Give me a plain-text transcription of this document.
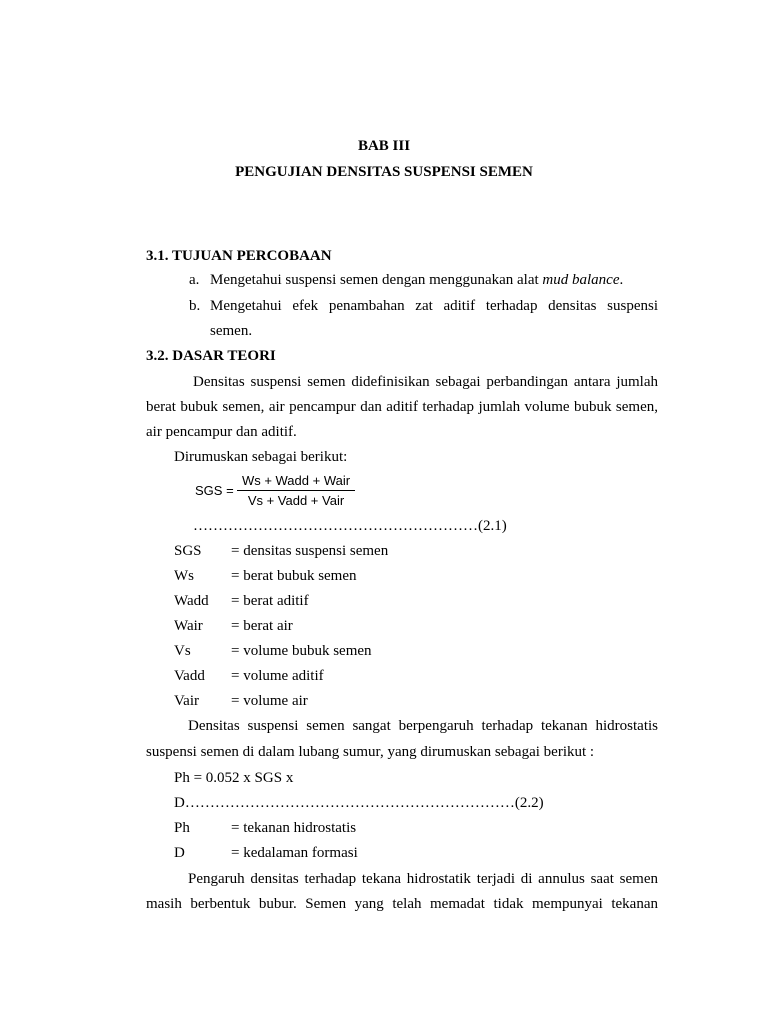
BAB III
PENGUJIAN DENSITAS SUSPENSI SEMEN
3.1. TUJUAN PERCOBAAN
a. Mengetahui suspensi semen dengan menggunakan alat mud balance.
b. Mengetahui efek penambahan zat aditif terhadap densitas suspensi
semen.
3.2. DASAR TEORI
Densitas suspensi semen didefinisikan sebagai perbandingan antara jumlah
berat bubuk semen, air pencampur dan aditif terhadap jumlah volume bubuk semen,
air pencampur dan aditif.
Dirumuskan sebagai berikut:
SGS =
Ws + Wadd + Wair
Vs + Vadd + Vair
…………………………………………………(2.1)
SGS = densitas suspensi semen
Ws = berat bubuk semen
Wadd = berat aditif
Wair = berat air
Vs	= volume bubuk semen
Vadd = volume aditif
Vair = volume air
Densitas suspensi semen sangat berpengaruh terhadap tekanan hidrostatis
suspensi semen di dalam lubang sumur, yang dirumuskan sebagai berikut :
Ph = 0.052 x SGS x
D…………………………………………………………(2.2)
Ph	= tekanan hidrostatis
D	= kedalaman formasi
Pengaruh densitas terhadap tekana hidrostatik terjadi di annulus saat semen
masih berbentuk bubur. Semen yang telah memadat tidak mempunyai tekanan
